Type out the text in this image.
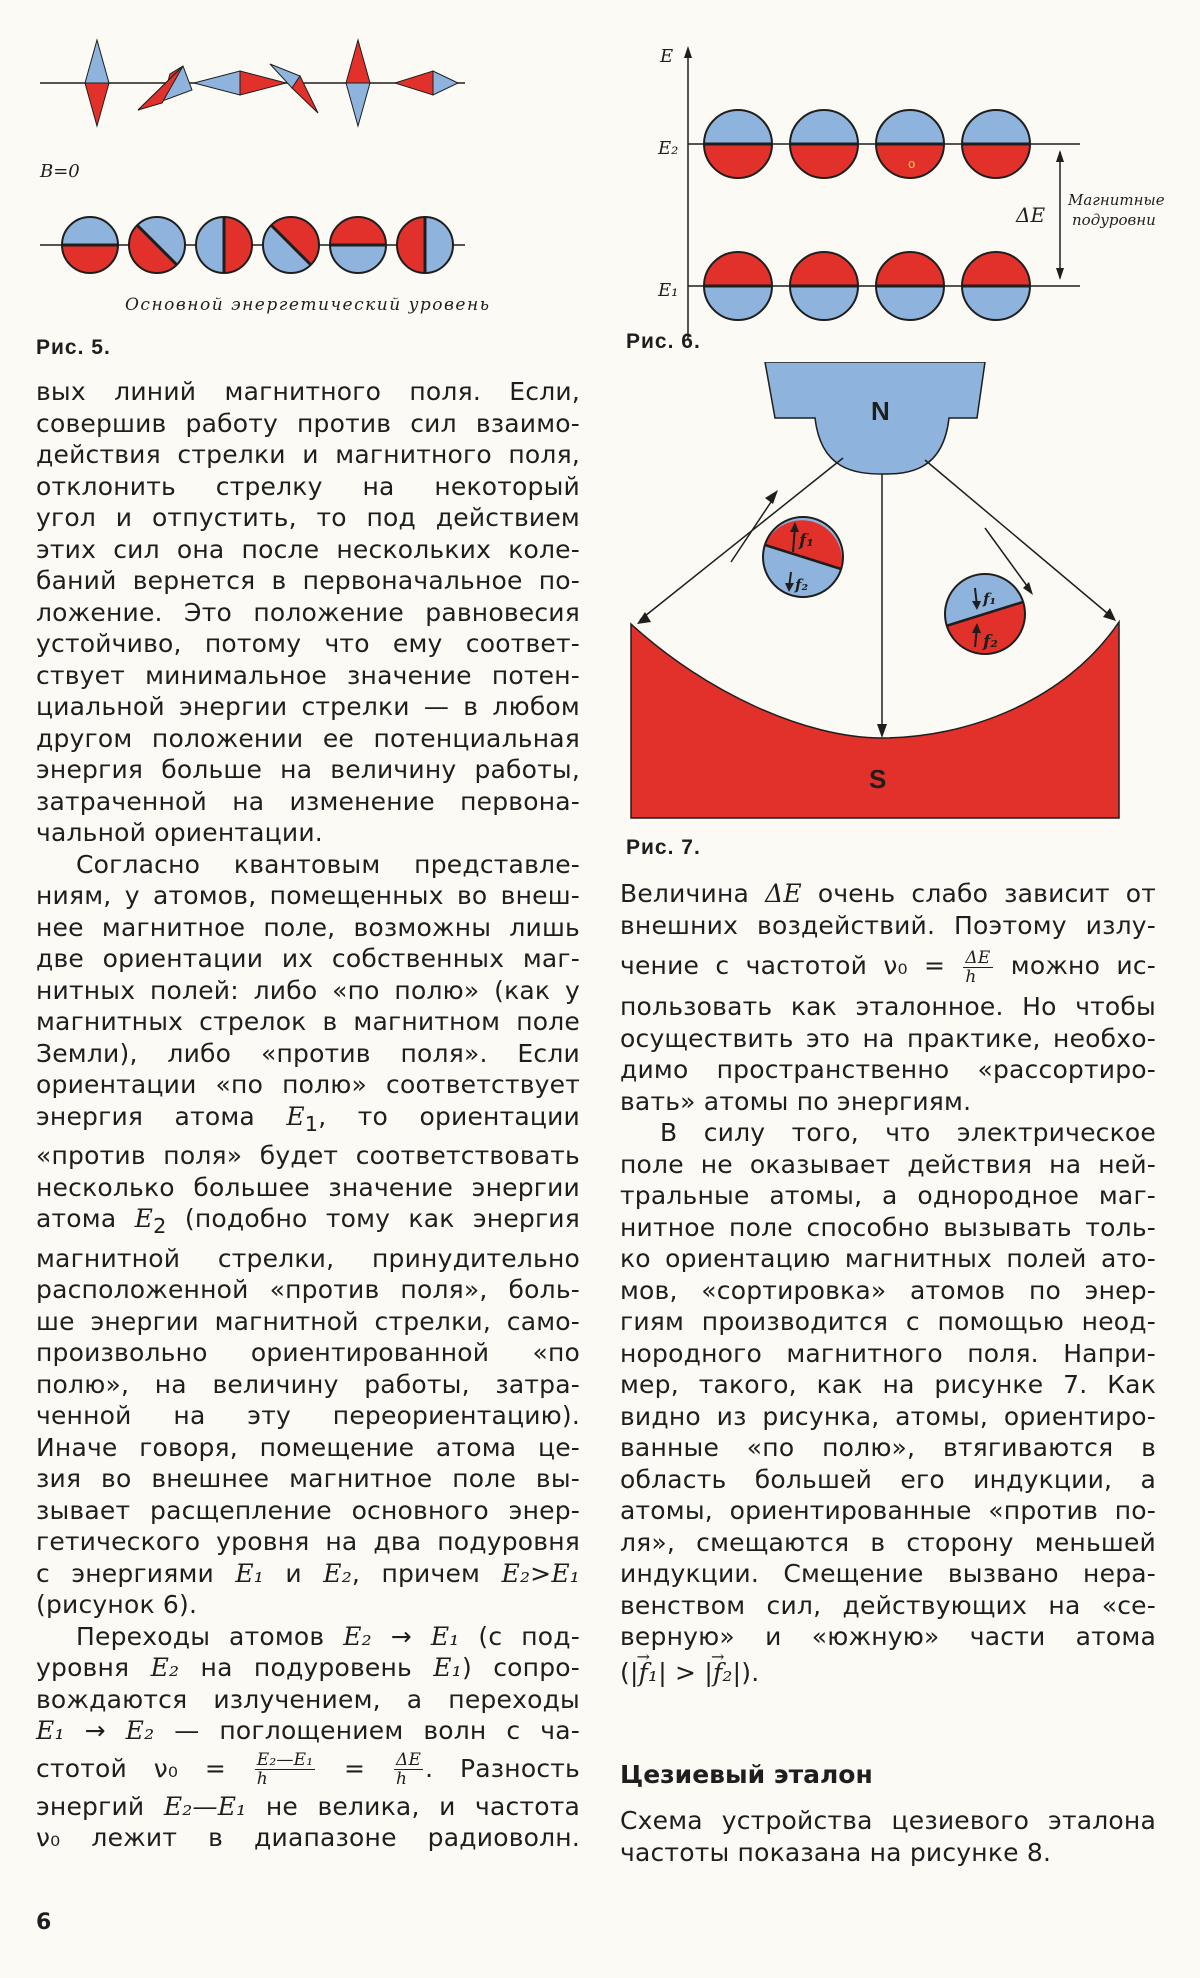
B=0
Основной энергетический уровень
Рис. 5.
E
E₂
E₁
o
ΔE
Магнитные
подуровни
Рис. 6.
N
S
f₁
f₂
f₁
f₂
Рис. 7.

вых линий магнитного поля. Если,
совершив работу против сил взаимо-
действия стрелки и магнитного поля,
отклонить стрелку на некоторый
угол и отпустить, то под действием
этих сил она после нескольких коле-
баний вернется в первоначальное по-
ложение. Это положение равновесия
устойчиво, потому что ему соответ-
ствует минимальное значение потен-
циальной энергии стрелки — в любом
другом положении ее потенциальная
энергия больше на величину работы,
затраченной на изменение первона-
чальной ориентации.

Согласно квантовым представле-
ниям, у атомов, помещенных во внеш-
нее магнитное поле, возможны лишь
две ориентации их собственных маг-
нитных полей: либо «по полю» (как у
магнитных стрелок в магнитном поле
Земли), либо «против поля». Если
ориентации «по полю» соответствует
энергия атома $E_1$, то ориентации
«против поля» будет соответствовать
несколько большее значение энергии
атома $E_2$ (подобно тому как энергия
магнитной стрелки, принудительно
расположенной «против поля», боль-
ше энергии магнитной стрелки, само-
произвольно ориентированной «по
полю», на величину работы, затра-
ченной на эту переориентацию).
Иначе говоря, помещение атома це-
зия во внешнее магнитное поле вы-
зывает расщепление основного энер-
гетического уровня на два подуровня
с энергиями E₁ и E₂, причем E₂>E₁
(рисунок 6).

Переходы атомов E₂ → E₁ (с под-
уровня E₂ на подуровень E₁) сопро-
вождаются излучением, а переходы
E₁ → E₂ — поглощением волн с ча-
стотой $\nu_0 = \frac{\text{E₂—E₁}}{h} = \frac{\Delta E}{h}$ . Разность
энергий E₂—E₁ не велика, и частота
ν₀ лежит в диапазоне радиоволн.

6

Величина ΔE очень слабо зависит от
внешних воздействий. Поэтому излу-
чение с частотой $\nu_0 = \frac{\Delta E}{h}$ можно ис-
пользовать как эталонное. Но чтобы
осуществить это на практике, необхо-
димо пространственно «рассортиро-
вать» атомы по энергиям.

В силу того, что электрическое
поле не оказывает действия на ней-
тральные атомы, а однородное маг-
нитное поле способно вызывать толь-
ко ориентацию магнитных полей ато-
мов, «сортировка» атомов по энер-
гиям производится с помощью неод-
нородного магнитного поля. Напри-
мер, такого, как на рисунке 7. Как
видно из рисунка, атомы, ориентиро-
ванные «по полю», втягиваются в
область большей его индукции, а
атомы, ориентированные «против по-
ля», смещаются в сторону меньшей
индукции. Смещение вызвано нера-
венством сил, действующих на «се-
верную» и «южную» части атома
(|→ f₁| > |→ f₂|).

Цезиевый эталон

Схема устройства цезиевого эталона
частоты показана на рисунке 8.
